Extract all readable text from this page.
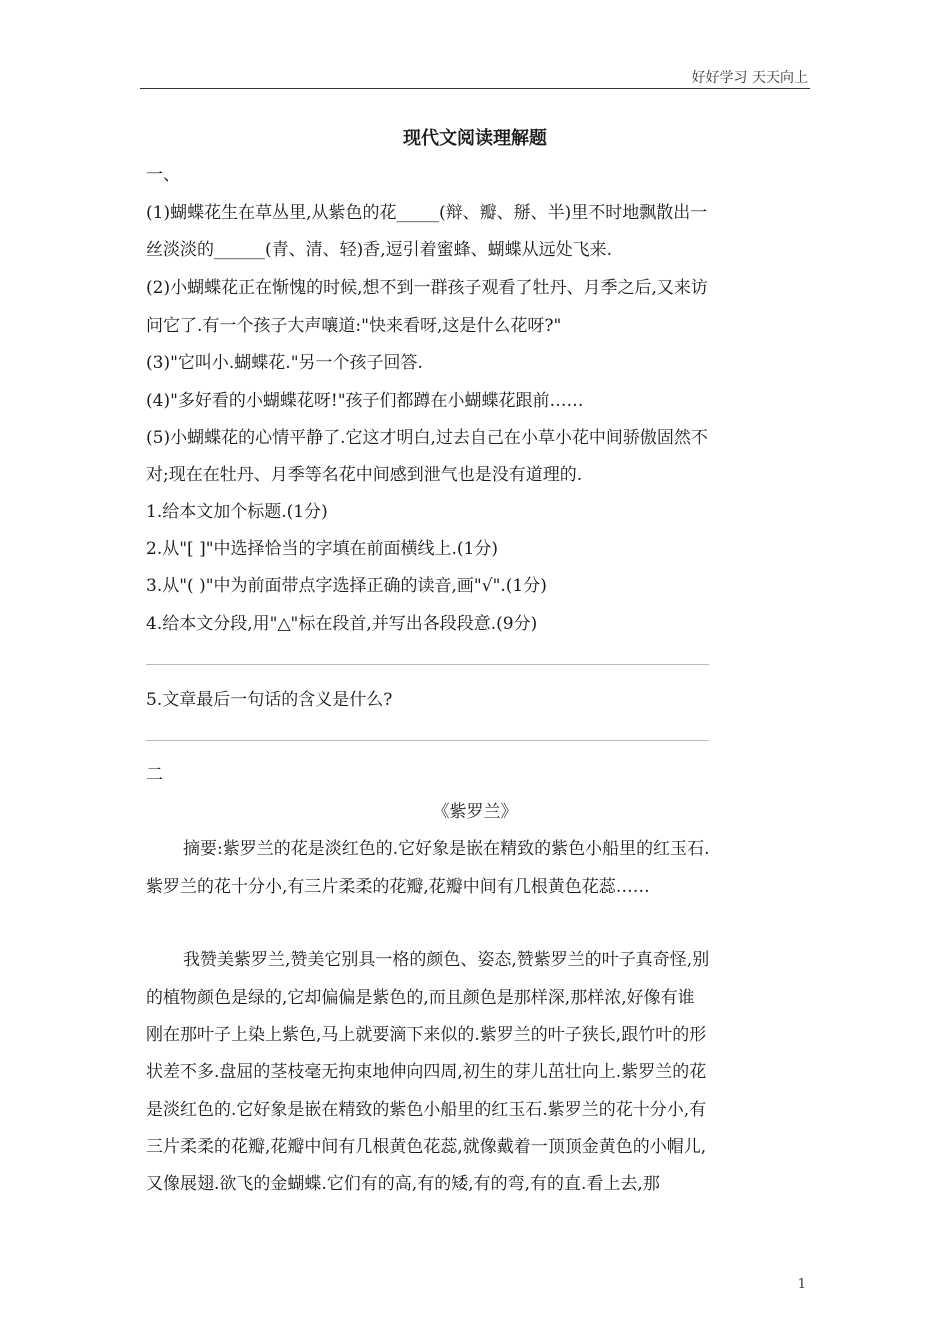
好好学习 天天向上
现代文阅读理解题
一、
(1)蝴蝶花生在草丛里,从紫色的花_____(辩、瓣、掰、半)里不时地飘散出一
丝淡淡的______(青、清、轻)香,逗引着蜜蜂、蝴蝶从远处飞来.
(2)小蝴蝶花正在惭愧的时候,想不到一群孩子观看了牡丹、月季之后,又来访
问它了.有一个孩子大声嚷道:"快来看呀,这是什么花呀?"
(3)"它叫小.蝴蝶花."另一个孩子回答.
(4)"多好看的小蝴蝶花呀!"孩子们都蹲在小蝴蝶花跟前……
(5)小蝴蝶花的心情平静了.它这才明白,过去自己在小草小花中间骄傲固然不
对;现在在牡丹、月季等名花中间感到泄气也是没有道理的.
1.给本文加个标题.(1分)
2.从"[ ]"中选择恰当的字填在前面横线上.(1分)
3.从"( )"中为前面带点字选择正确的读音,画"√".(1分)
4.给本文分段,用"△"标在段首,并写出各段段意.(9分)
5.文章最后一句话的含义是什么?
二
《紫罗兰》
摘要:紫罗兰的花是淡红色的.它好象是嵌在精致的紫色小船里的红玉石.
紫罗兰的花十分小,有三片柔柔的花瓣,花瓣中间有几根黄色花蕊……
我赞美紫罗兰,赞美它别具一格的颜色、姿态,赞紫罗兰的叶子真奇怪,别
的植物颜色是绿的,它却偏偏是紫色的,而且颜色是那样深,那样浓,好像有谁
刚在那叶子上染上紫色,马上就要滴下来似的.紫罗兰的叶子狭长,跟竹叶的形
状差不多.盘屈的茎枝毫无拘束地伸向四周,初生的芽儿茁壮向上.紫罗兰的花
是淡红色的.它好象是嵌在精致的紫色小船里的红玉石.紫罗兰的花十分小,有
三片柔柔的花瓣,花瓣中间有几根黄色花蕊,就像戴着一顶顶金黄色的小帽儿,
又像展翅.欲飞的金蝴蝶.它们有的高,有的矮,有的弯,有的直.看上去,那
1
